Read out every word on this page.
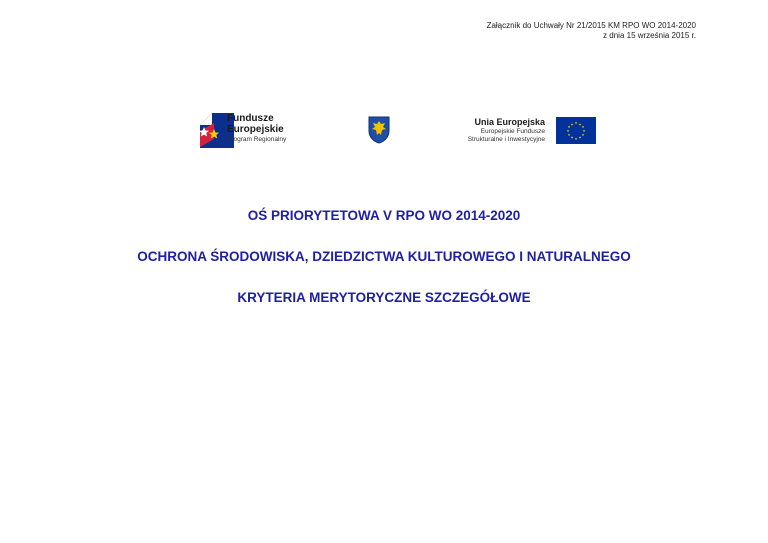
Załącznik do Uchwały Nr 21/2015 KM RPO WO 2014-2020
z dnia 15 września 2015 r.
Fundusze
Europejskie
Program Regionalny
Unia Europejska
Europejskie Fundusze
Strukturalne i Inwestycyjne
★ ★
★
★
★
★
★
★
★
★
★
★
OŚ PRIORYTETOWA V RPO WO 2014-2020
OCHRONA ŚRODOWISKA, DZIEDZICTWA KULTUROWEGO I NATURALNEGO
KRYTERIA MERYTORYCZNE SZCZEGÓŁOWE
